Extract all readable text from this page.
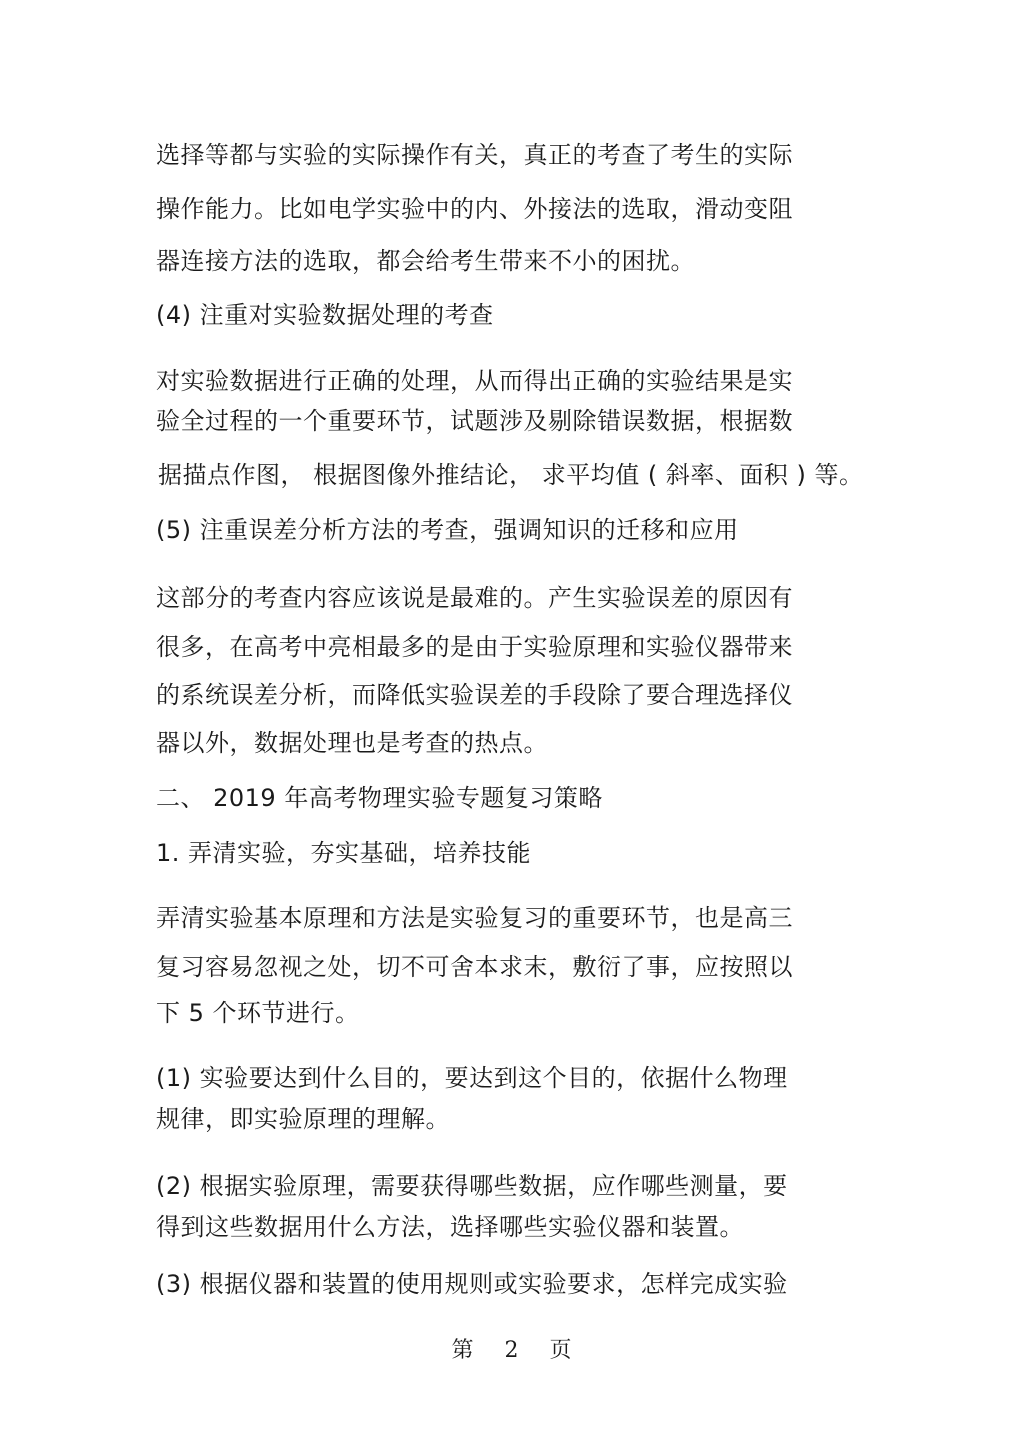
选择等都与实验的实际操作有关，真正的考查了考生的实际
操作能力。比如电学实验中的内、外接法的选取，滑动变阻
器连接方法的选取，都会给考生带来不小的困扰。
(4) 注重对实验数据处理的考查
对实验数据进行正确的处理，从而得出正确的实验结果是实
验全过程的一个重要环节，试题涉及剔除错误数据，根据数
据描点作图， 根据图像外推结论， 求平均值 ( 斜率、面积 ) 等。
(5) 注重误差分析方法的考查，强调知识的迁移和应用
这部分的考查内容应该说是最难的。产生实验误差的原因有
很多，在高考中亮相最多的是由于实验原理和实验仪器带来
的系统误差分析，而降低实验误差的手段除了要合理选择仪
器以外，数据处理也是考查的热点。
二、 2019 年高考物理实验专题复习策略
1. 弄清实验，夯实基础，培养技能
弄清实验基本原理和方法是实验复习的重要环节，也是高三
复习容易忽视之处，切不可舍本求末，敷衍了事，应按照以
下 5 个环节进行。
(1) 实验要达到什么目的，要达到这个目的，依据什么物理
规律，即实验原理的理解。
(2) 根据实验原理，需要获得哪些数据，应作哪些测量，要
得到这些数据用什么方法，选择哪些实验仪器和装置。
(3) 根据仪器和装置的使用规则或实验要求，怎样完成实验
第 2 页
